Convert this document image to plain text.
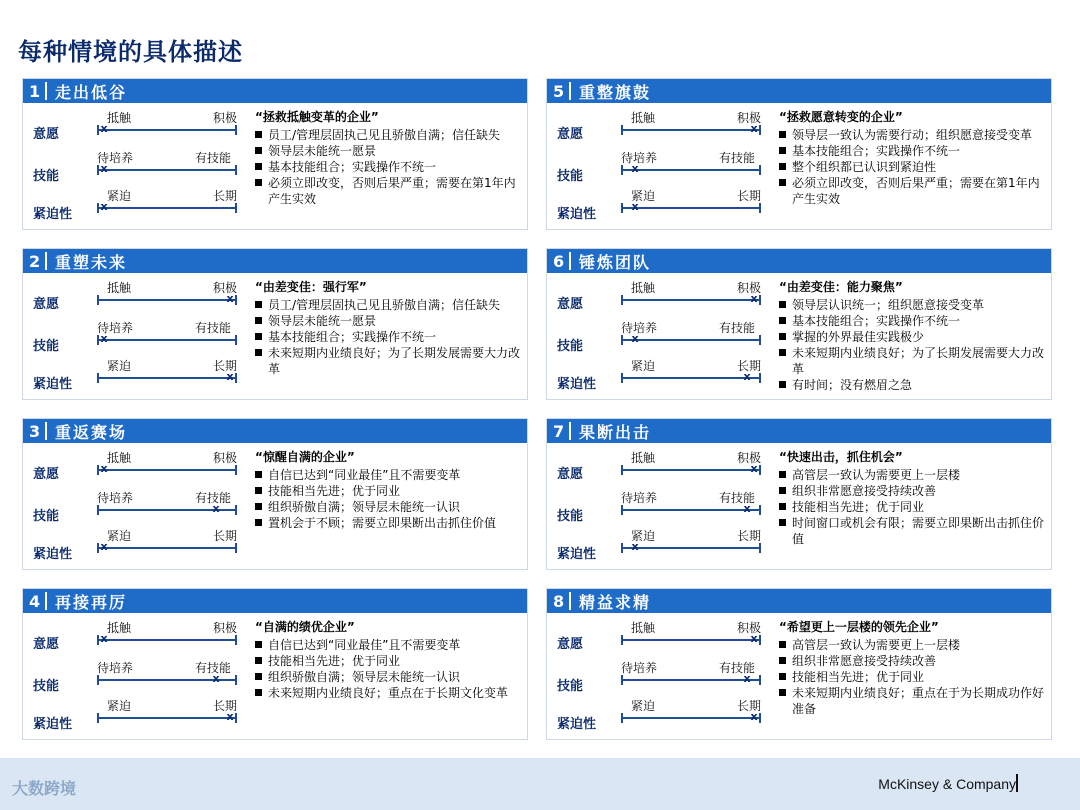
每种情境的具体描述
1 走出低谷
意愿
抵触	积极
x
技能
待培养	有技能
x
紧迫性
紧迫	长期
x
“拯救抵触变革的企业”
员工/管理层固执己见且骄傲自满；信任缺失
领导层未能统一愿景
基本技能组合；实践操作不统一
必须立即改变，否则后果严重；需要在第1年内产生实效
2 重塑未来
意愿
抵触	积极
x
技能
待培养	有技能
x
紧迫性
紧迫	长期
x
“由差变佳：强行军”
员工/管理层固执己见且骄傲自满；信任缺失
领导层未能统一愿景
基本技能组合；实践操作不统一
未来短期内业绩良好；为了长期发展需要大力改革
3 重返赛场
意愿
抵触	积极
x
技能
待培养	有技能
x
紧迫性
紧迫	长期
x
“惊醒自满的企业”
自信已达到“同业最佳”且不需要变革
技能相当先进；优于同业
组织骄傲自满；领导层未能统一认识
置机会于不顾；需要立即果断出击抓住价值
4 再接再厉
意愿
抵触	积极
x
技能
待培养	有技能
x
紧迫性
紧迫	长期
x
“自满的绩优企业”
自信已达到“同业最佳”且不需要变革
技能相当先进；优于同业
组织骄傲自满；领导层未能统一认识
未来短期内业绩良好；重点在于长期文化变革
5 重整旗鼓
意愿
抵触	积极
x
技能
待培养	有技能
x
紧迫性
紧迫	长期
x
“拯救愿意转变的企业”
领导层一致认为需要行动；组织愿意接受变革
基本技能组合；实践操作不统一
整个组织都已认识到紧迫性
必须立即改变，否则后果严重；需要在第1年内产生实效
6 锤炼团队
意愿
抵触	积极
x
技能
待培养	有技能
x
紧迫性
紧迫	长期
x
“由差变佳：能力聚焦”
领导层认识统一；组织愿意接受变革
基本技能组合；实践操作不统一
掌握的外界最佳实践极少
未来短期内业绩良好；为了长期发展需要大力改革
有时间；没有燃眉之急
7 果断出击
意愿
抵触	积极
x
技能
待培养	有技能
x
紧迫性
紧迫	长期
x
“快速出击，抓住机会”
高管层一致认为需要更上一层楼
组织非常愿意接受持续改善
技能相当先进；优于同业
时间窗口或机会有限；需要立即果断出击抓住价值
8 精益求精
意愿
抵触	积极
x
技能
待培养	有技能
x
紧迫性
紧迫	长期
x
“希望更上一层楼的领先企业”
高管层一致认为需要更上一层楼
组织非常愿意接受持续改善
技能相当先进；优于同业
未来短期内业绩良好；重点在于为长期成功作好准备
大数跨境	McKinsey & Company
